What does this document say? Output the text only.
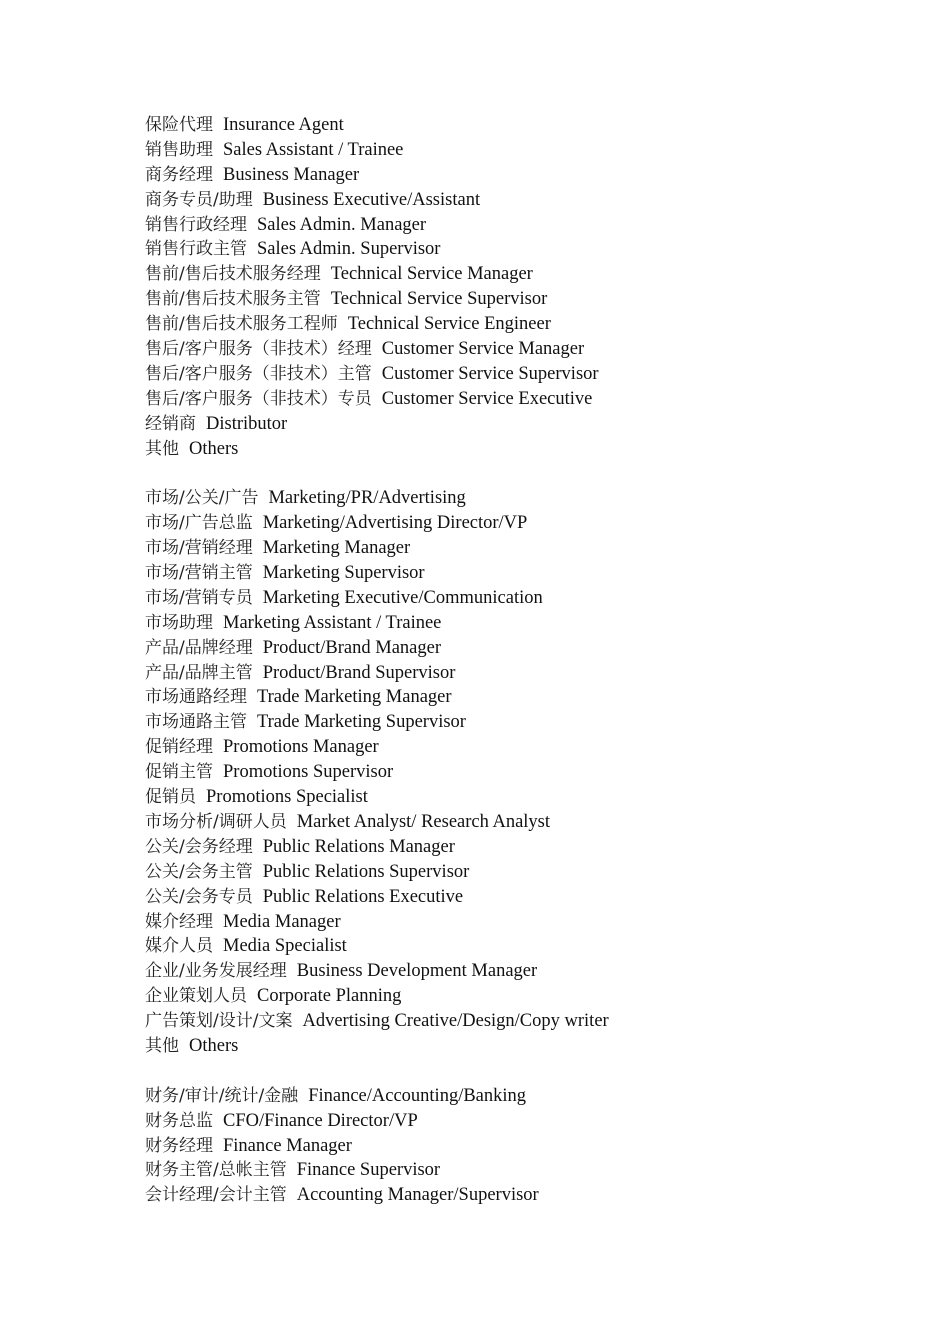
保险代理 Insurance Agent
销售助理 Sales Assistant / Trainee
商务经理 Business Manager
商务专员/助理 Business Executive/Assistant
销售行政经理 Sales Admin. Manager
销售行政主管 Sales Admin. Supervisor
售前/售后技术服务经理 Technical Service Manager
售前/售后技术服务主管 Technical Service Supervisor
售前/售后技术服务工程师 Technical Service Engineer
售后/客户服务（非技术）经理 Customer Service Manager
售后/客户服务（非技术）主管 Customer Service Supervisor
售后/客户服务（非技术）专员 Customer Service Executive
经销商 Distributor
其他 Others
市场/公关/广告 Marketing/PR/Advertising
市场/广告总监 Marketing/Advertising Director/VP
市场/营销经理 Marketing Manager
市场/营销主管 Marketing Supervisor
市场/营销专员 Marketing Executive/Communication
市场助理 Marketing Assistant / Trainee
产品/品牌经理 Product/Brand Manager
产品/品牌主管 Product/Brand Supervisor
市场通路经理 Trade Marketing Manager
市场通路主管 Trade Marketing Supervisor
促销经理 Promotions Manager
促销主管 Promotions Supervisor
促销员 Promotions Specialist
市场分析/调研人员 Market Analyst/ Research Analyst
公关/会务经理 Public Relations Manager
公关/会务主管 Public Relations Supervisor
公关/会务专员 Public Relations Executive
媒介经理 Media Manager
媒介人员 Media Specialist
企业/业务发展经理 Business Development Manager
企业策划人员 Corporate Planning
广告策划/设计/文案 Advertising Creative/Design/Copy writer
其他 Others
财务/审计/统计/金融 Finance/Accounting/Banking
财务总监 CFO/Finance Director/VP
财务经理 Finance Manager
财务主管/总帐主管 Finance Supervisor
会计经理/会计主管 Accounting Manager/Supervisor
